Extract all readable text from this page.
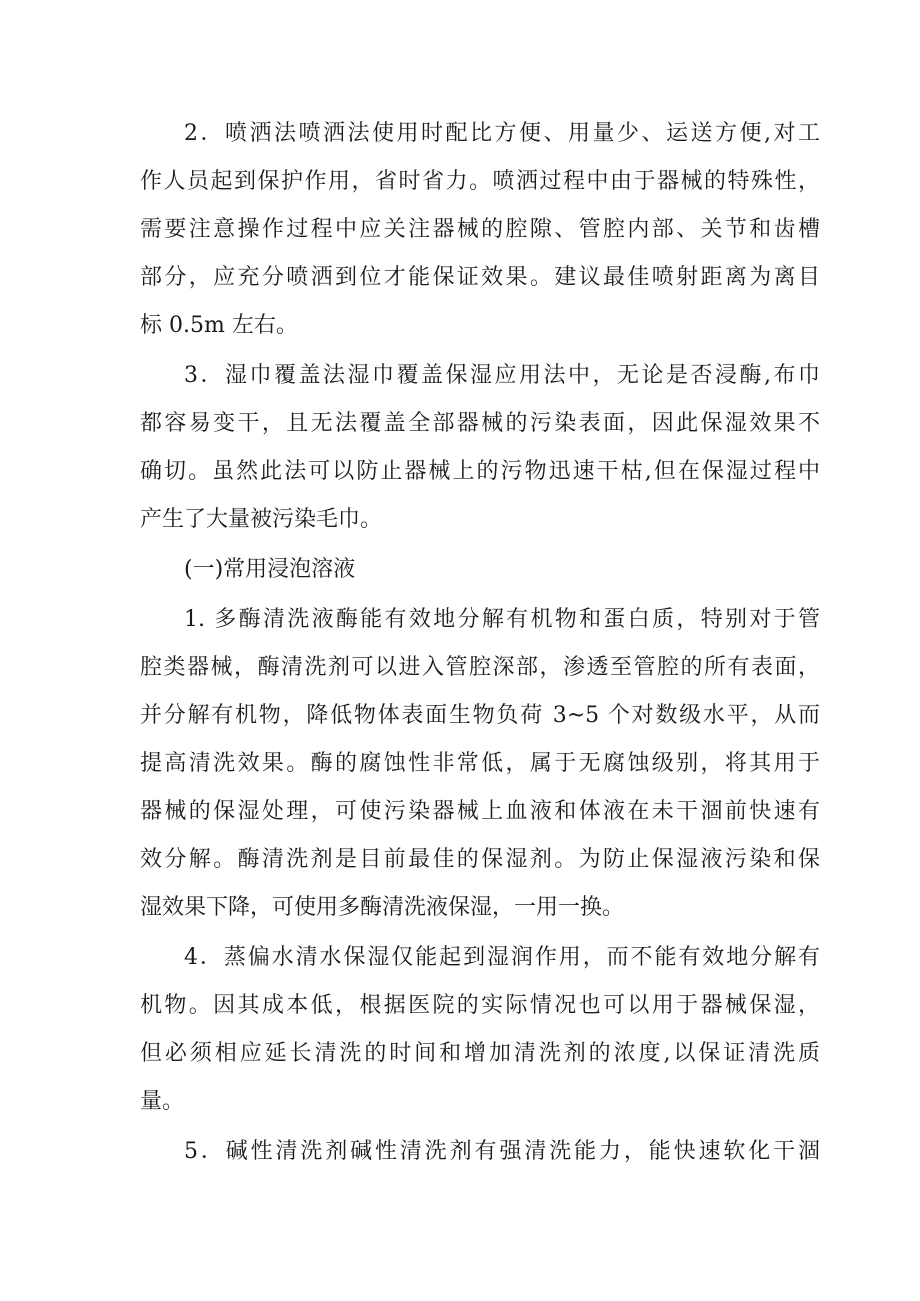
2．喷洒法喷洒法使用时配比方便、用量少、运送方便,对工
作人员起到保护作用，省时省力。喷洒过程中由于器械的特殊性，
需要注意操作过程中应关注器械的腔隙、管腔内部、关节和齿槽
部分，应充分喷洒到位才能保证效果。建议最佳喷射距离为离目
标 0.5m 左右。
3．湿巾覆盖法湿巾覆盖保湿应用法中，无论是否浸酶,布巾
都容易变干，且无法覆盖全部器械的污染表面，因此保湿效果不
确切。虽然此法可以防止器械上的污物迅速干枯,但在保湿过程中
产生了大量被污染毛巾。
(一)常用浸泡溶液
1. 多酶清洗液酶能有效地分解有机物和蛋白质，特别对于管
腔类器械，酶清洗剂可以进入管腔深部，渗透至管腔的所有表面，
并分解有机物，降低物体表面生物负荷 3~5 个对数级水平，从而
提高清洗效果。酶的腐蚀性非常低，属于无腐蚀级别，将其用于
器械的保湿处理，可使污染器械上血液和体液在未干涸前快速有
效分解。酶清洗剂是目前最佳的保湿剂。为防止保湿液污染和保
湿效果下降，可使用多酶清洗液保湿，一用一换。
4．蒸偏水清水保湿仅能起到湿润作用，而不能有效地分解有
机物。因其成本低，根据医院的实际情况也可以用于器械保湿，
但必须相应延长清洗的时间和增加清洗剂的浓度,以保证清洗质
量。
5．碱性清洗剂碱性清洗剂有强清洗能力，能快速软化干涸
